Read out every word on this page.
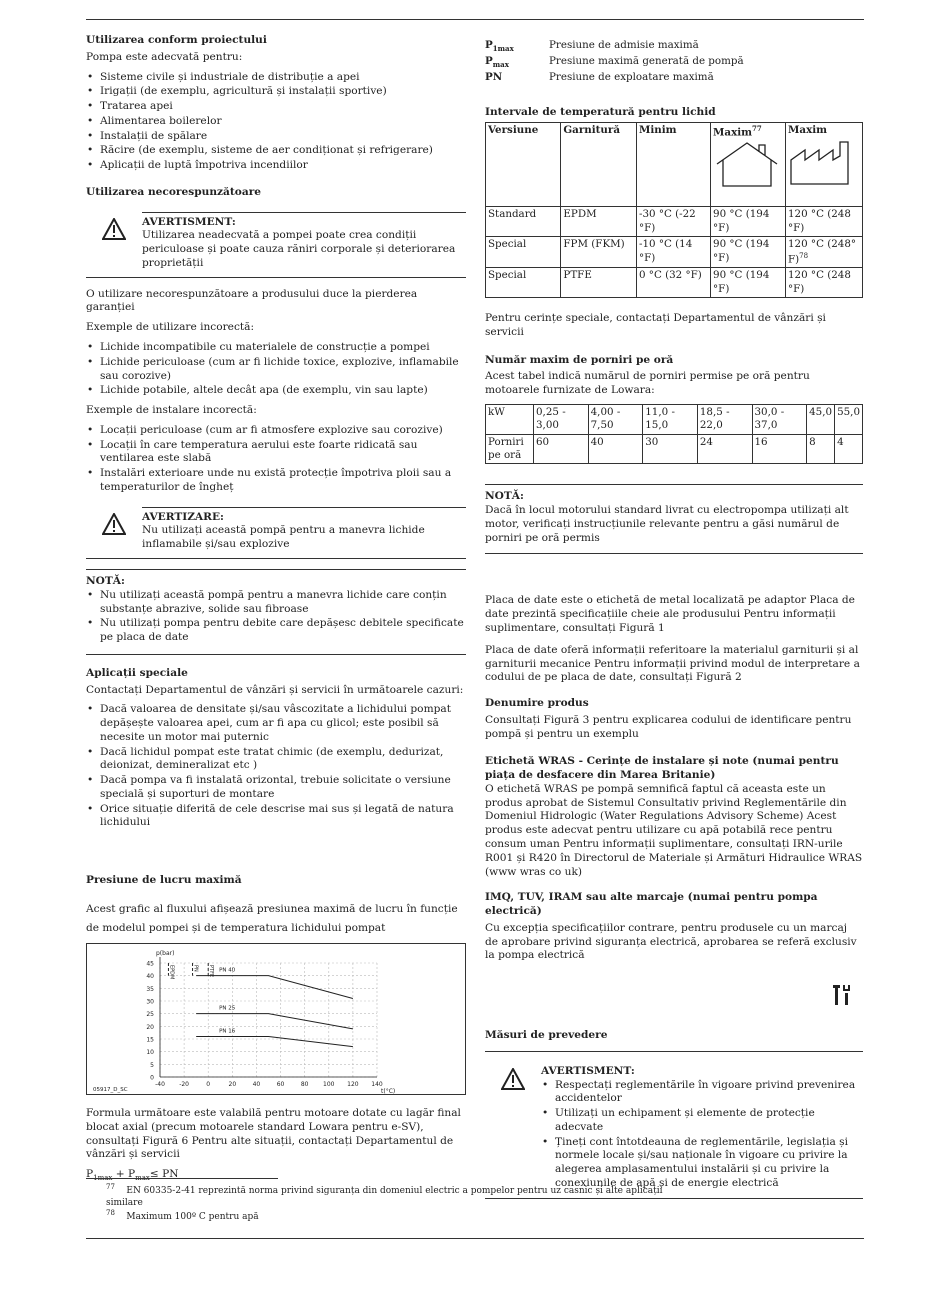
Utilizarea conform proiectului

Pompa este adecvată pentru:

• Sisteme civile și industriale de distribuție a apei
• Irigații (de exemplu, agricultură și instalații sportive)
• Tratarea apei
• Alimentarea boilerelor
• Instalații de spălare
• Răcire (de exemplu, sisteme de aer condiționat și refrigerare)
• Aplicații de luptă împotriva incendiilor
Utilizarea necorespunzătoare
AVERTISMENT:
Utilizarea neadecvată a pompei poate crea condiții periculoase și poate cauza răniri corporale și deteriorarea proprietății

O utilizare necorespunzătoare a produsului duce la pierderea garanției

Exemple de utilizare incorectă:

• Lichide incompatibile cu materialele de construcție a pompei
• Lichide periculoase (cum ar fi lichide toxice, explozive, inflamabile sau corozive)
• Lichide potabile, altele decât apa (de exemplu, vin sau lapte)

Exemple de instalare incorectă:

• Locații periculoase (cum ar fi atmosfere explozive sau corozive)
• Locații în care temperatura aerului este foarte ridicată sau ventilarea este slabă
• Instalări exterioare unde nu există protecție împotriva ploii sau a temperaturilor de îngheț
AVERTIZARE:
Nu utilizați această pompă pentru a manevra lichide inflamabile și/sau explozive
NOTĂ:
• Nu utilizați această pompă pentru a manevra lichide care conțin substanțe abrazive, solide sau fibroase
• Nu utilizați pompa pentru debite care depășesc debitele specificate pe placa de date
Aplicații speciale

Contactați Departamentul de vânzări și servicii în următoarele cazuri:

• Dacă valoarea de densitate și/sau vâscozitate a lichidului pompat depășește valoarea apei, cum ar fi apa cu glicol; este posibil să necesite un motor mai puternic
• Dacă lichidul pompat este tratat chimic (de exemplu, dedurizat, deionizat, demineralizat etc )
• Dacă pompa va fi instalată orizontal, trebuie solicitate o versiune specială și suporturi de montare
• Orice situație diferită de cele descrise mai sus și legată de natura lichidului
Presiune de lucru maximă

Acest grafic al fluxului afișează presiunea maximă de lucru în funcție de modelul pompei și de temperatura lichidului pompat

0
5
10
15
20
25
30
35
40
45
-40 -20	0	20	40	60	80 100 120 140
p(bar)
t(°C)
05917_D_SC
EPDM	PN PTFE PN 40
PN 25
PN 16

Formula următoare este valabilă pentru motoare dotate cu lagăr final blocat axial (precum motoarele standard Lowara pentru e-SV), consultați Figură 6 Pentru alte situații, contactați Departamentul de vânzări și servicii

$P_{1max} + P_{max}\le$ PN

$P_{1max}$	Presiune de admisie maximă
$P_{max}$	Presiune maximă generată de pompă
PN	Presiune de exploatare maximă
Intervale de temperatură pentru lichid
Versiune	Garnitură	Minim	Maxim$^{77}$	Maxim

Standard	EPDM	-30 °C (-22 °F)	90 °C (194 °F)	120 °C (248 °F)
Special	FPM (FKM)	-10 °C (14 °F)	90 °C (194 °F)	120 °C (248° F)$^{78}$
Special	PTFE	0 °C (32 °F)	90 °C (194 °F)	120 °C (248 °F)

Pentru cerințe speciale, contactați Departamentul de vânzări și servicii

Număr maxim de porniri pe oră

Acest tabel indică numărul de porniri permise pe oră pentru motoarele furnizate de Lowara:

kW	0,25 - 3,00	4,00 - 7,50	11,0 - 15,0	18,5 - 22,0	30,0 - 37,0	45,0	55,0
Porniri pe oră	60	40	30	24	16	8	4
NOTĂ:
Dacă în locul motorului standard livrat cu electropompa utilizați alt motor, verificați instrucțiunile relevante pentru a găsi numărul de porniri pe oră permis

Placa de date este o etichetă de metal localizată pe adaptor Placa de date prezintă specificațiile cheie ale produsului Pentru informații suplimentare, consultați Figură 1

Placa de date oferă informații referitoare la materialul garniturii și al garniturii mecanice Pentru informații privind modul de interpretare a codului de pe placa de date, consultați Figură 2

Denumire produs

Consultați Figură 3 pentru explicarea codului de identificare pentru pompă și pentru un exemplu

Etichetă WRAS - Cerințe de instalare și note (numai pentru piața de desfacere din Marea Britanie)

O etichetă WRAS pe pompă semnifică faptul că aceasta este un produs aprobat de Sistemul Consultativ privind Reglementările din Domeniul Hidrologic (Water Regulations Advisory Scheme) Acest produs este adecvat pentru utilizare cu apă potabilă rece pentru consum uman Pentru informații suplimentare, consultați IRN-urile R001 și R420 în Directorul de Materiale și Armături Hidraulice WRAS (www wras co uk)

IMQ, TUV, IRAM sau alte marcaje (numai pentru pompa electrică)

Cu excepția specificațiilor contrare, pentru produsele cu un marcaj de aprobare privind siguranța electrică, aprobarea se referă exclusiv la pompa electrică

Măsuri de prevedere
AVERTISMENT:
• Respectați reglementările în vigoare privind prevenirea accidentelor
• Utilizați un echipament și elemente de protecție adecvate
• Țineți cont întotdeauna de reglementările, legislația și normele locale și/sau naționale în vigoare cu privire la alegerea amplasamentului instalării și cu privire la conexiunile de apă și de energie electrică
$^{77}$ EN 60335-2-41 reprezintă norma privind siguranța din domeniul electric a pompelor pentru uz casnic și alte aplicații similare
$^{78}$ Maximum 100º C pentru apă
